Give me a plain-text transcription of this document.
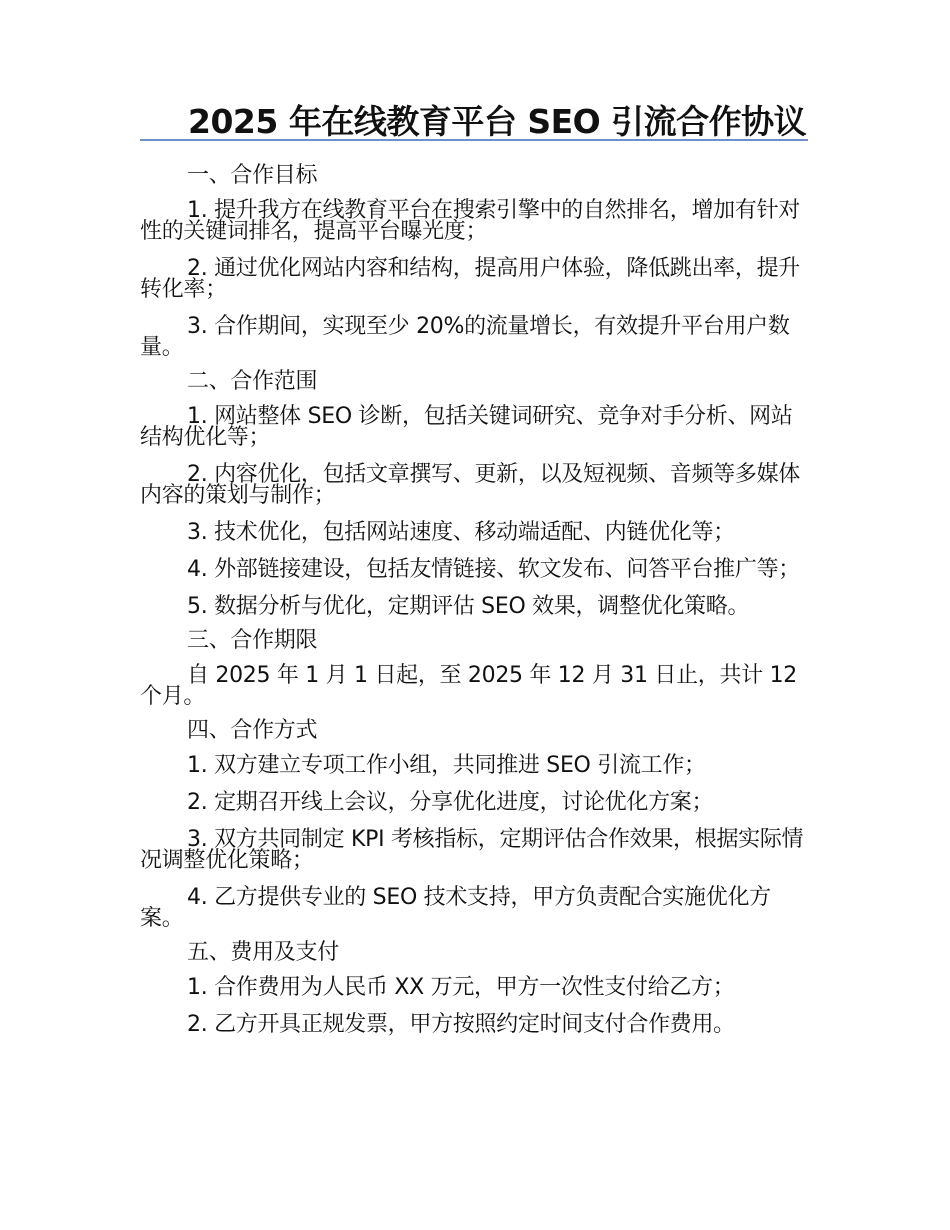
2025 年在线教育平台 SEO 引流合作协议

一、合作目标

1. 提升我方在线教育平台在搜索引擎中的自然排名，增加有针对性的关键词排名，提高平台曝光度；

2. 通过优化网站内容和结构，提高用户体验，降低跳出率，提升转化率；

3. 合作期间，实现至少 20%的流量增长，有效提升平台用户数量。

二、合作范围

1. 网站整体 SEO 诊断，包括关键词研究、竞争对手分析、网站结构优化等；

2. 内容优化，包括文章撰写、更新，以及短视频、音频等多媒体内容的策划与制作；

3. 技术优化，包括网站速度、移动端适配、内链优化等；

4. 外部链接建设，包括友情链接、软文发布、问答平台推广等；

5. 数据分析与优化，定期评估 SEO 效果，调整优化策略。

三、合作期限

自 2025 年 1 月 1 日起，至 2025 年 12 月 31 日止，共计 12 个月。

四、合作方式

1. 双方建立专项工作小组，共同推进 SEO 引流工作；

2. 定期召开线上会议，分享优化进度，讨论优化方案；

3. 双方共同制定 KPI 考核指标，定期评估合作效果，根据实际情况调整优化策略；

4. 乙方提供专业的 SEO 技术支持，甲方负责配合实施优化方案。

五、费用及支付

1. 合作费用为人民币 XX 万元，甲方一次性支付给乙方；

2. 乙方开具正规发票，甲方按照约定时间支付合作费用。
